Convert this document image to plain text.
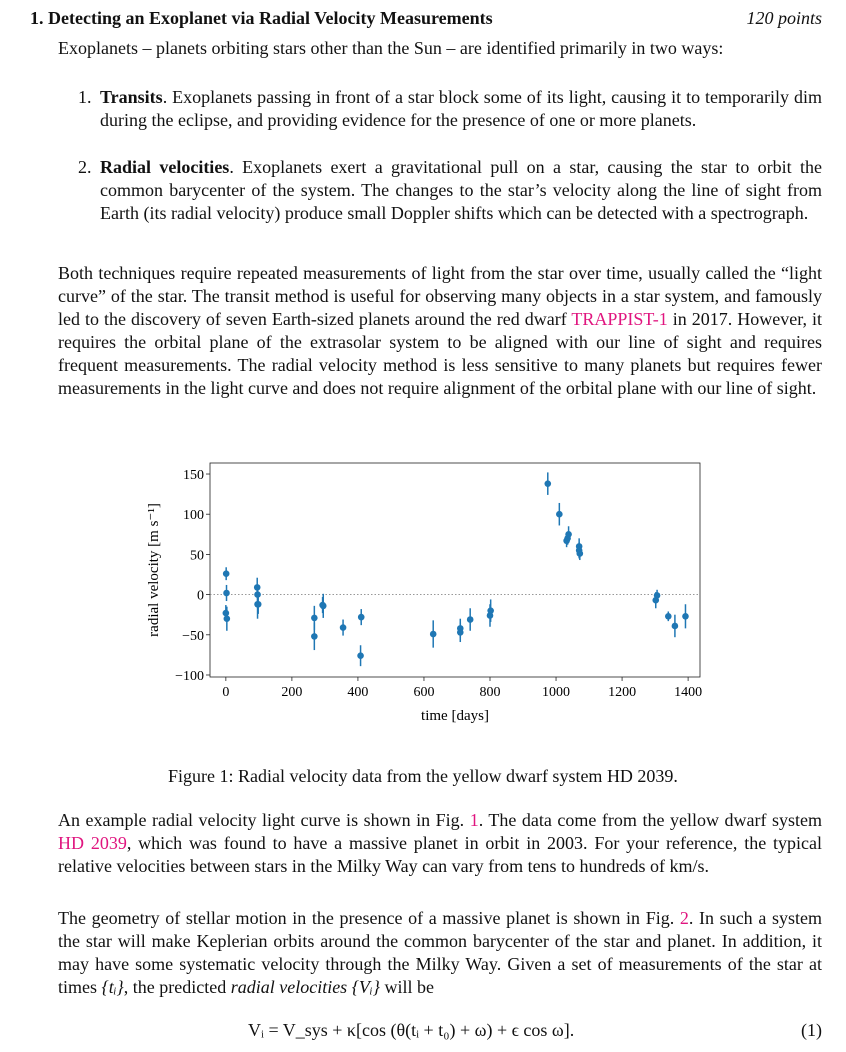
1. Detecting an Exoplanet via Radial Velocity Measurements	120 points
Exoplanets – planets orbiting stars other than the Sun – are identified primarily in two ways:
1. Transits. Exoplanets passing in front of a star block some of its light, causing it to temporarily dim during the eclipse, and providing evidence for the presence of one or more planets.
2. Radial velocities. Exoplanets exert a gravitational pull on a star, causing the star to orbit the common barycenter of the system. The changes to the star’s velocity along the line of sight from Earth (its radial velocity) produce small Doppler shifts which can be detected with a spectrograph.
Both techniques require repeated measurements of light from the star over time, usually called the “light curve” of the star. The transit method is useful for observing many objects in a star system, and famously led to the discovery of seven Earth-sized planets around the red dwarf TRAPPIST-1 in 2017. However, it requires the orbital plane of the extrasolar system to be aligned with our line of sight and requires frequent measurements. The radial velocity method is less sensitive to many planets but requires fewer measurements in the light curve and does not require alignment of the orbital plane with our line of sight.
0	200	400	600	800	1000	1200	1400
−100
−50
0
50
100
150
time [days]
radial velocity [m s⁻¹]
Figure 1: Radial velocity data from the yellow dwarf system HD 2039.
An example radial velocity light curve is shown in Fig. 1. The data come from the yellow dwarf system HD 2039, which was found to have a massive planet in orbit in 2003. For your reference, the typical relative velocities between stars in the Milky Way can vary from tens to hundreds of km/s.
The geometry of stellar motion in the presence of a massive planet is shown in Fig. 2. In such a system the star will make Keplerian orbits around the common barycenter of the star and planet. In addition, it may have some systematic velocity through the Milky Way. Given a set of measurements of the star at times {tᵢ}, the predicted radial velocities {Vᵢ} will be
Vᵢ = V_sys + κ[cos (θ(tᵢ + t₀) + ω) + ϵ cos ω].	(1)
